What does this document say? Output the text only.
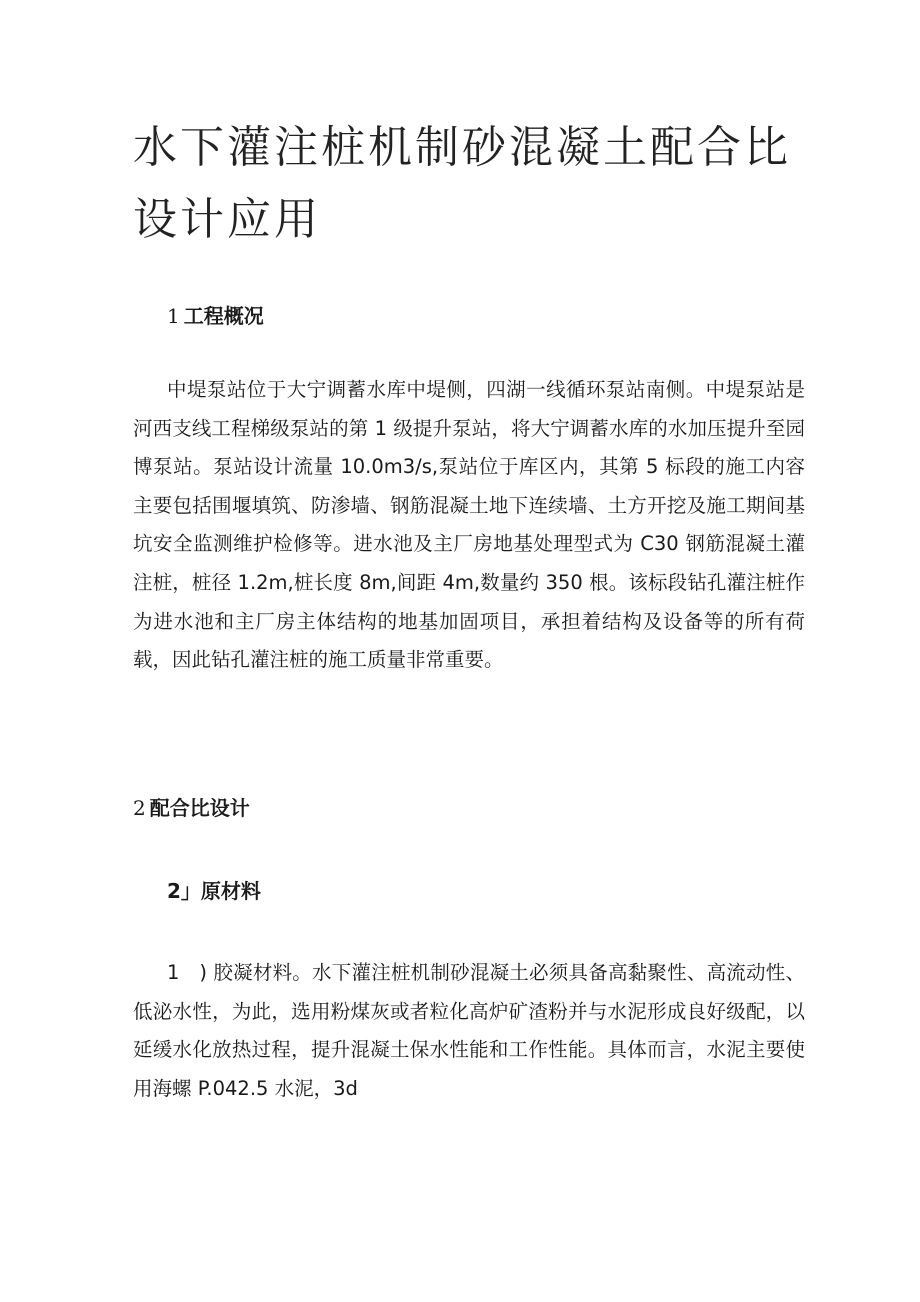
水下灌注桩机制砂混凝土配合比设计应用
1 工程概况

中堤泵站位于大宁调蓄水库中堤侧，四湖一线循环泵站南侧。中堤泵站是河西支线工程梯级泵站的第 1 级提升泵站，将大宁调蓄水库的水加压提升至园博泵站。泵站设计流量 10.0m3/s,泵站位于库区内，其第 5 标段的施工内容主要包括围堰填筑、防渗墙、钢筋混凝土地下连续墙、土方开挖及施工期间基坑安全监测维护检修等。进水池及主厂房地基处理型式为 C30 钢筋混凝土灌注桩，桩径 1.2m,桩长度 8m,间距 4m,数量约 350 根。该标段钻孔灌注桩作为进水池和主厂房主体结构的地基加固项目，承担着结构及设备等的所有荷载，因此钻孔灌注桩的施工质量非常重要。

2 配合比设计
2」原材料

1　) 胶凝材料。水下灌注桩机制砂混凝土必须具备高黏聚性、高流动性、低泌水性，为此，选用粉煤灰或者粒化高炉矿渣粉并与水泥形成良好级配，以延缓水化放热过程，提升混凝土保水性能和工作性能。具体而言，水泥主要使用海螺 P.042.5 水泥，3d
